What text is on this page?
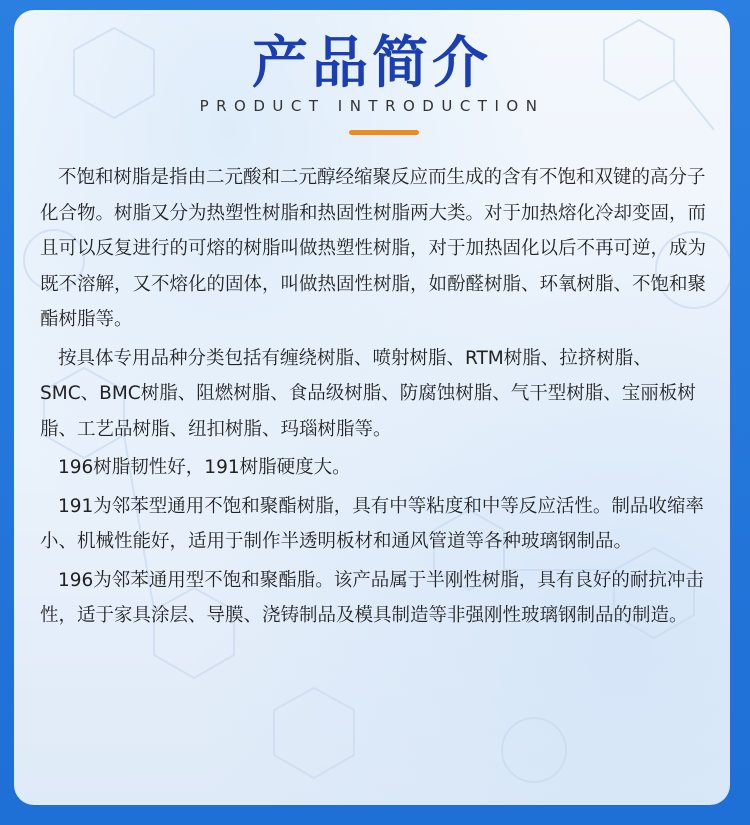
产品简介
PRODUCT INTRODUCTION

不饱和树脂是指由二元酸和二元醇经缩聚反应而生成的含有不饱和双键的高分子化合物。树脂又分为热塑性树脂和热固性树脂两大类。对于加热熔化冷却变固，而且可以反复进行的可熔的树脂叫做热塑性树脂，对于加热固化以后不再可逆，成为既不溶解，又不熔化的固体，叫做热固性树脂，如酚醛树脂、环氧树脂、不饱和聚酯树脂等。

按具体专用品种分类包括有缠绕树脂、喷射树脂、RTM树脂、拉挤树脂、SMC、BMC树脂、阻燃树脂、食品级树脂、防腐蚀树脂、气干型树脂、宝丽板树脂、工艺品树脂、纽扣树脂、玛瑙树脂等。

196树脂韧性好，191树脂硬度大。

191为邻苯型通用不饱和聚酯树脂，具有中等粘度和中等反应活性。制品收缩率小、机械性能好，适用于制作半透明板材和通风管道等各种玻璃钢制品。

196为邻苯通用型不饱和聚酯脂。该产品属于半刚性树脂，具有良好的耐抗冲击性，适于家具涂层、导膜、浇铸制品及模具制造等非强刚性玻璃钢制品的制造。
